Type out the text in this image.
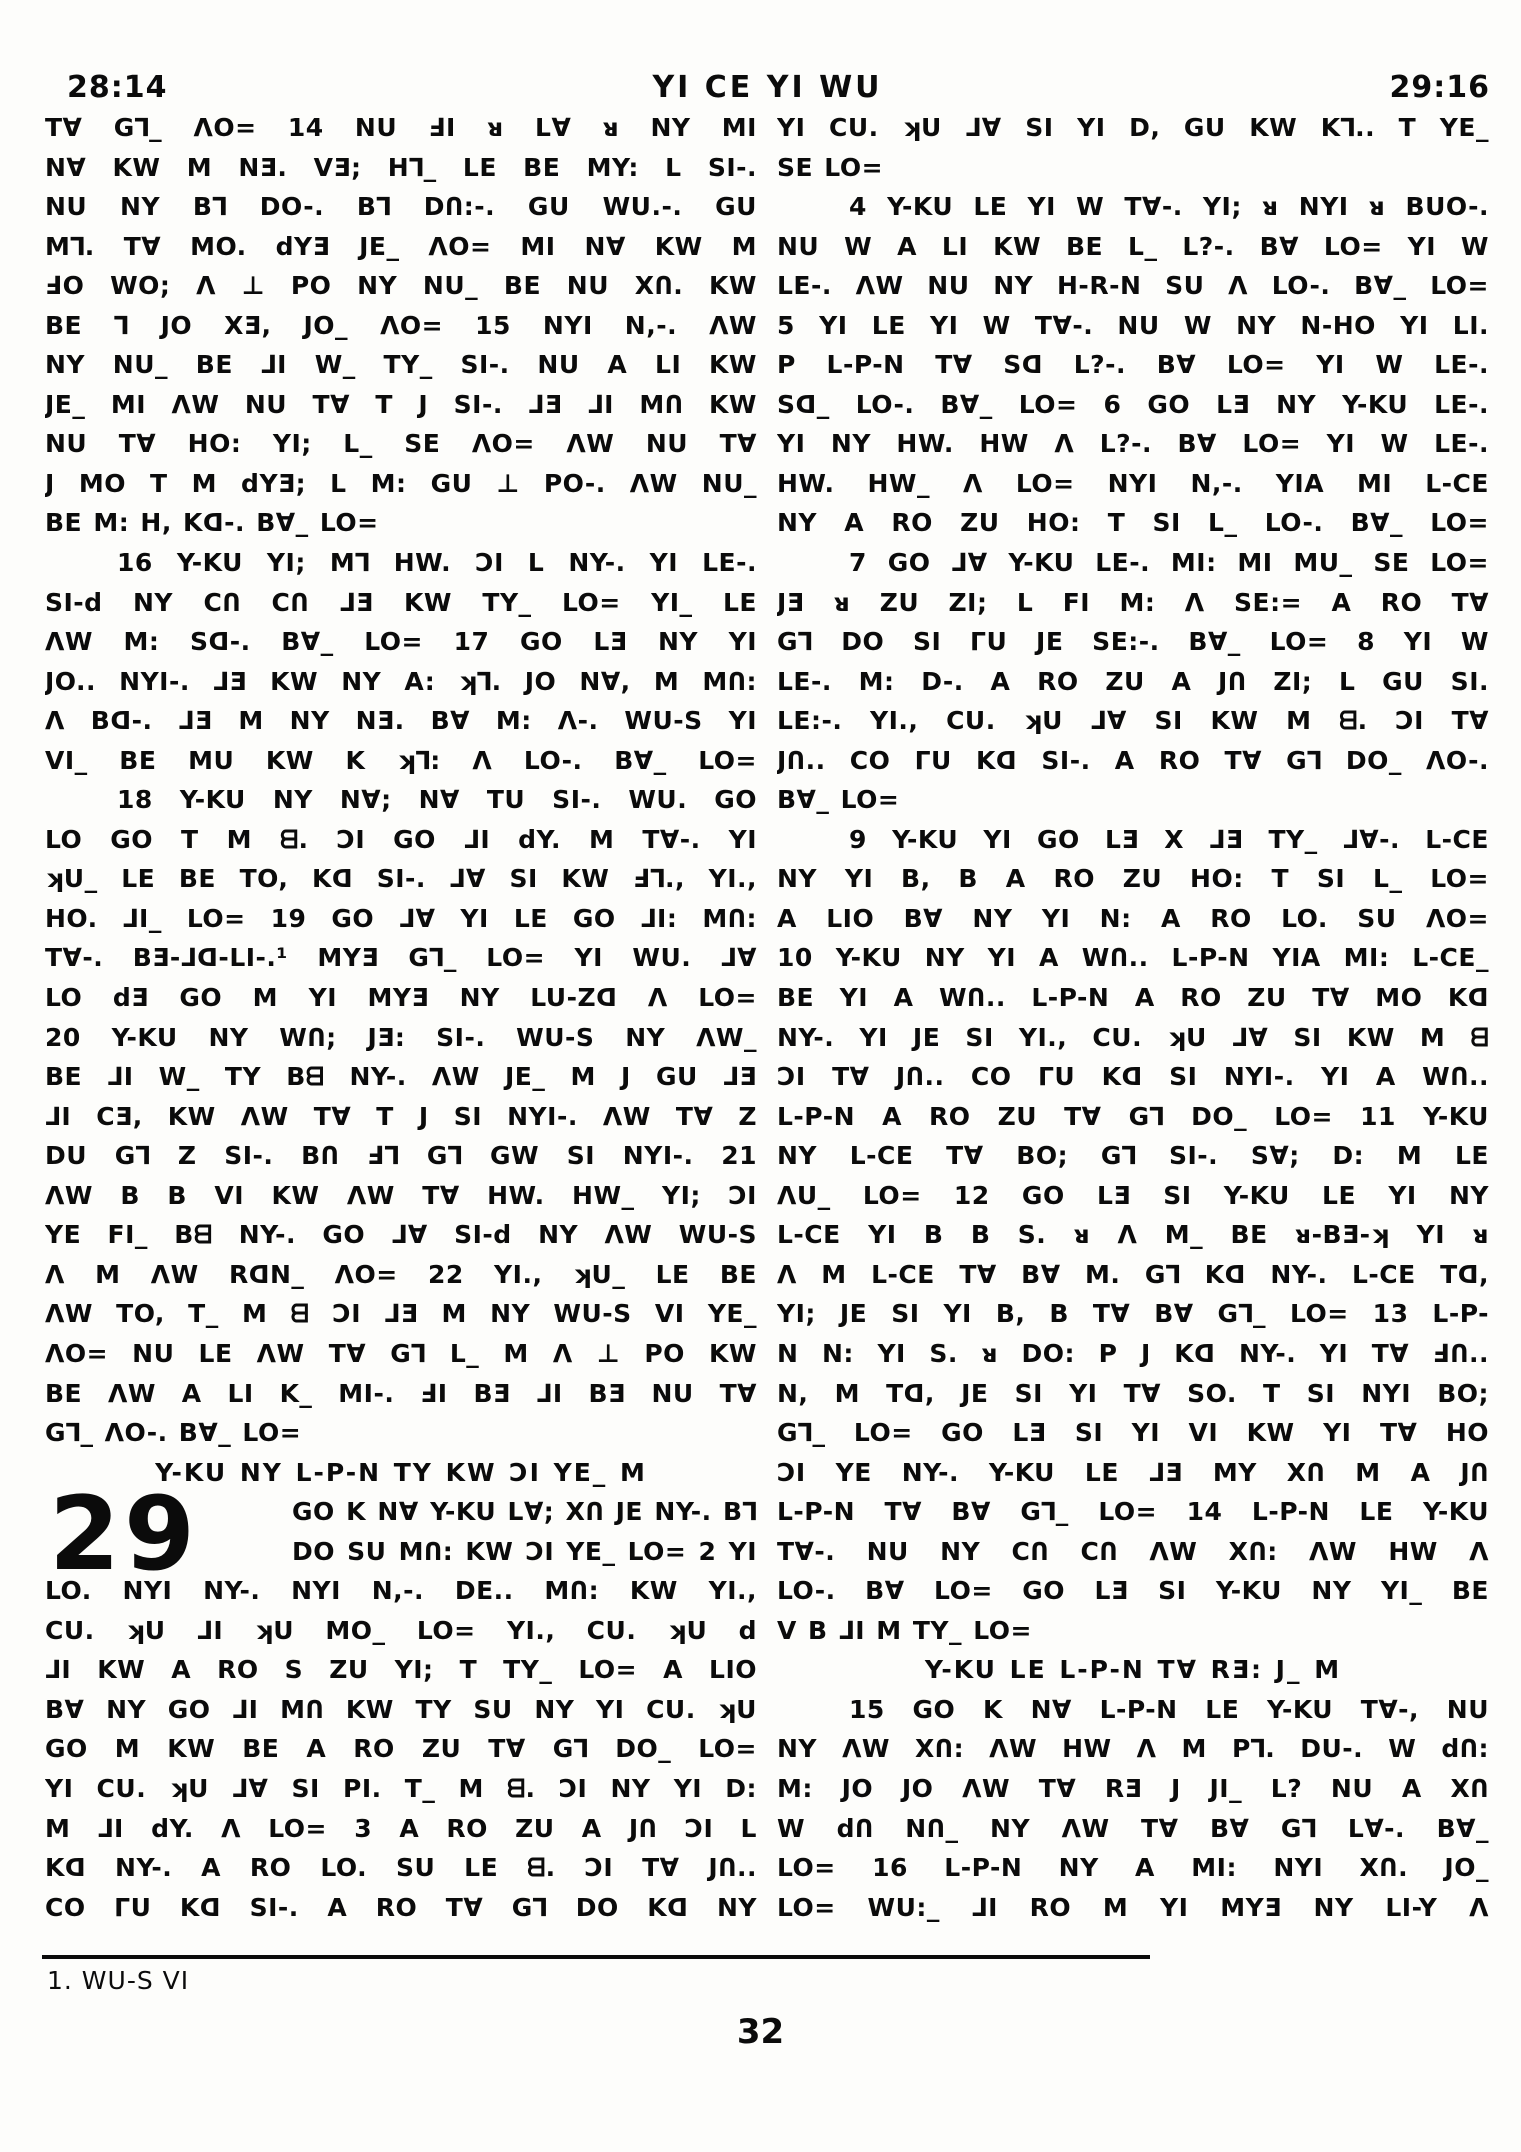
28:14	YI CE YI WU	29:16
T∀ G⅂_ ΛO= 14 NU ℲI ᴚ L∀ ᴚ NY MI
N∀ KW M NƎ. VƎ; H⅂_ LE BE MY: L SI-.
NU NY B⅂ DO-. B⅂ DՈ:-. GU WU.-. GU
M⅂. T∀ MO. dYƎ JE_ ΛO= MI N∀ KW M
ℲO WO; Λ ⊥ PO NY NU_ BE NU XՈ. KW
BE ⅂ JO XƎ, JO_ ΛO= 15 NYI N,-. ΛW
NY NU_ BE ⅃I W_ TY_ SI-. NU A LI KW
JE_ MI ΛW NU T∀ T J SI-. ⅃Ǝ ⅃I MՈ KW
NU T∀ HO: YI; L_ SE ΛO= ΛW NU T∀
J MO T M dYƎ; L M: GU ⊥ PO-. ΛW NU_
BE M: H, Kᗡ-. B∀_ LO=
16 Y-KU YI; M⅂ HW. ƆI L NY-. YI LE-.
SI-d NY CՈ CՈ ⅃Ǝ KW TY_ LO= YI_ LE
ΛW M: Sᗡ-. B∀_ LO= 17 GO LƎ NY YI
JO.. NYI-. ⅃Ǝ KW NY A: ʞ⅂. JO N∀, M MՈ:
Λ Bᗡ-. ⅃Ǝ M NY NƎ. B∀ M: Λ-. WU-S YI
VI_ BE MU KW K ʞ⅂: Λ LO-. B∀_ LO=
18 Y-KU NY N∀; N∀ TU SI-. WU. GO
LO GO T M ᗺ. ƆI GO ⅃I dY. M T∀-. YI
ʞU_ LE BE TO, Kᗡ SI-. ⅃∀ SI KW Ⅎ⅂., YI.,
HO. ⅃I_ LO= 19 GO ⅃∀ YI LE GO ⅃I: MՈ:
T∀-. BƎ-⅃ᗡ-LI-.¹ MYƎ G⅂_ LO= YI WU. ⅃∀
LO dƎ GO M YI MYƎ NY LU-Zᗡ Λ LO=
20 Y-KU NY WՈ; JƎ: SI-. WU-S NY ΛW_
BE ⅃I W_ TY Bᗺ NY-. ΛW JE_ M J GU ⅃Ǝ
⅃I CƎ, KW ΛW T∀ T J SI NYI-. ΛW T∀ Z
DU G⅂ Z SI-. BՈ Ⅎ⅂ G⅂ GW SI NYI-. 21
ΛW B B VI KW ΛW T∀ HW. HW_ YI; ƆI
YE FI_ Bᗺ NY-. GO ⅃∀ SI-d NY ΛW WU-S
Λ M ΛW RᗡN_ ΛO= 22 YI., ʞU_ LE BE
ΛW TO, T_ M ᗺ ƆI ⅃Ǝ M NY WU-S VI YE_
ΛO= NU LE ΛW T∀ G⅂ L_ M Λ ⊥ PO KW
BE ΛW A LI K_ MI-. ℲI BƎ ⅃I BƎ NU T∀
G⅂_ ΛO-. B∀_ LO=
Y-KU NY L-P-N TY KW ƆI YE_ M
GO K N∀ Y-KU L∀; XՈ JE NY-. B⅂
DO SU MՈ: KW ƆI YE_ LO= 2 YI
LO. NYI NY-. NYI N,-. DE.. MՈ: KW YI.,
CU. ʞU ⅃I ʞU MO_ LO= YI., CU. ʞU d
⅃I KW A RO S ZU YI; T TY_ LO= A LIO
B∀ NY GO ⅃I MՈ KW TY SU NY YI CU. ʞU
GO M KW BE A RO ZU T∀ G⅂ DO_ LO=
YI CU. ʞU ⅃∀ SI PI. T_ M ᗺ. ƆI NY YI D:
M ⅃I dY. Λ LO= 3 A RO ZU A JՈ ƆI L
Kᗡ NY-. A RO LO. SU LE ᗺ. ƆI T∀ JՈ..
CO ΓU Kᗡ SI-. A RO T∀ G⅂ DO Kᗡ NY
29
YI CU. ʞU ⅃∀ SI YI D, GU KW K⅂.. T YE_
SE LO=
4 Y-KU LE YI W T∀-. YI; ᴚ NYI ᴚ BUO-.
NU W A LI KW BE L_ L?-. B∀ LO= YI W
LE-. ΛW NU NY H-R-N SU Λ LO-. B∀_ LO=
5 YI LE YI W T∀-. NU W NY N-HO YI LI.
P L-P-N T∀ Sᗡ L?-. B∀ LO= YI W LE-.
Sᗡ_ LO-. B∀_ LO= 6 GO LƎ NY Y-KU LE-.
YI NY HW. HW Λ L?-. B∀ LO= YI W LE-.
HW. HW_ Λ LO= NYI N,-. YIA MI L-CE
NY A RO ZU HO: T SI L_ LO-. B∀_ LO=
7 GO ⅃∀ Y-KU LE-. MI: MI MU_ SE LO=
JƎ ᴚ ZU ZI; L FI M: Λ SE:= A RO T∀
G⅂ DO SI ΓU JE SE:-. B∀_ LO= 8 YI W
LE-. M: D-. A RO ZU A JՈ ZI; L GU SI.
LE:-. YI., CU. ʞU ⅃∀ SI KW M ᗺ. ƆI T∀
JՈ.. CO ΓU Kᗡ SI-. A RO T∀ G⅂ DO_ ΛO-.
B∀_ LO=
9 Y-KU YI GO LƎ X ⅃Ǝ TY_ ⅃∀-. L-CE
NY YI B, B A RO ZU HO: T SI L_ LO=
A LIO B∀ NY YI N: A RO LO. SU ΛO=
10 Y-KU NY YI A WՈ.. L-P-N YIA MI: L-CE_
BE YI A WՈ.. L-P-N A RO ZU T∀ MO Kᗡ
NY-. YI JE SI YI., CU. ʞU ⅃∀ SI KW M ᗺ
ƆI T∀ JՈ.. CO ΓU Kᗡ SI NYI-. YI A WՈ..
L-P-N A RO ZU T∀ G⅂ DO_ LO= 11 Y-KU
NY L-CE T∀ BO; G⅂ SI-. S∀; D: M LE
ΛU_ LO= 12 GO LƎ SI Y-KU LE YI NY
L-CE YI B B S. ᴚ Λ M_ BE ᴚ-BƎ-ʞ YI ᴚ
Λ M L-CE T∀ B∀ M. G⅂ Kᗡ NY-. L-CE Tᗡ,
YI; JE SI YI B, B T∀ B∀ G⅂_ LO= 13 L-P-
N N: YI S. ᴚ DO: P J Kᗡ NY-. YI T∀ ℲՈ..
N, M Tᗡ, JE SI YI T∀ SO. T SI NYI BO;
G⅂_ LO= GO LƎ SI YI VI KW YI T∀ HO
ƆI YE NY-. Y-KU LE ⅃Ǝ MY XՈ M A JՈ
L-P-N T∀ B∀ G⅂_ LO= 14 L-P-N LE Y-KU
T∀-. NU NY CՈ CՈ ΛW XՈ: ΛW HW Λ
LO-. B∀ LO= GO LƎ SI Y-KU NY YI_ BE
V B ⅃I M TY_ LO=
Y-KU LE L-P-N T∀ RƎ: J_ M
15 GO K N∀ L-P-N LE Y-KU T∀-, NU
NY ΛW XՈ: ΛW HW Λ M P⅂. DU-. W dՈ:
M: JO JO ΛW T∀ RƎ J JI_ L? NU A XՈ
W dՈ NՈ_ NY ΛW T∀ B∀ G⅂ L∀-. B∀_
LO= 16 L-P-N NY A MI: NYI XՈ. JO_
LO= WU:_ ⅃I RO M YI MYƎ NY LI-Y Λ
1. WU-S VI
32
